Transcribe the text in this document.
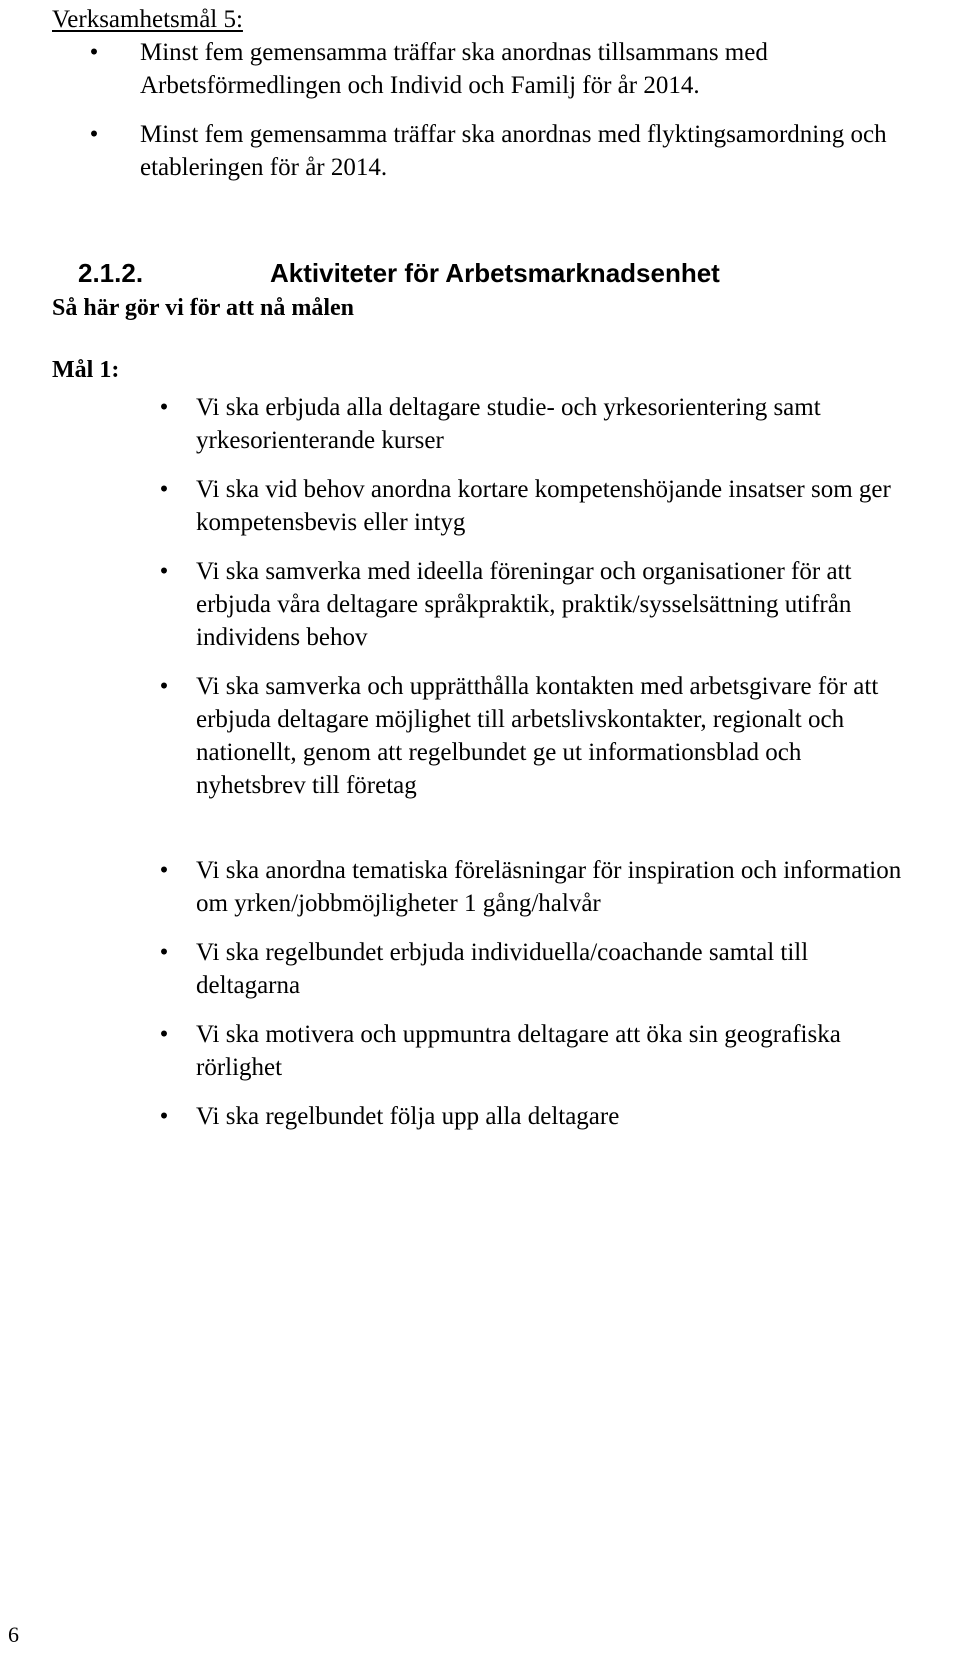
Verksamhetsmål 5:
• Minst fem gemensamma träffar ska anordnas tillsammans med Arbetsförmedlingen och Individ och Familj för år 2014.
• Minst fem gemensamma träffar ska anordnas med flyktingsamordning och etableringen för år 2014.
2.1.2.	Aktiviteter för Arbetsmarknadsenhet
Så här gör vi för att nå målen
Mål 1:
• Vi ska erbjuda alla deltagare studie- och yrkesorientering samt yrkesorienterande kurser
• Vi ska vid behov anordna kortare kompetenshöjande insatser som ger kompetensbevis eller intyg
• Vi ska samverka med ideella föreningar och organisationer för att erbjuda våra deltagare språkpraktik, praktik/sysselsättning utifrån individens behov
• Vi ska samverka och upprätthålla kontakten med arbetsgivare för att erbjuda deltagare möjlighet till arbetslivskontakter, regionalt och nationellt, genom att regelbundet ge ut informationsblad och nyhetsbrev till företag
• Vi ska anordna tematiska föreläsningar för inspiration och information om yrken/jobbmöjligheter 1 gång/halvår
• Vi ska regelbundet erbjuda individuella/coachande samtal till deltagarna
• Vi ska motivera och uppmuntra deltagare att öka sin geografiska rörlighet
• Vi ska regelbundet följa upp alla deltagare
6
